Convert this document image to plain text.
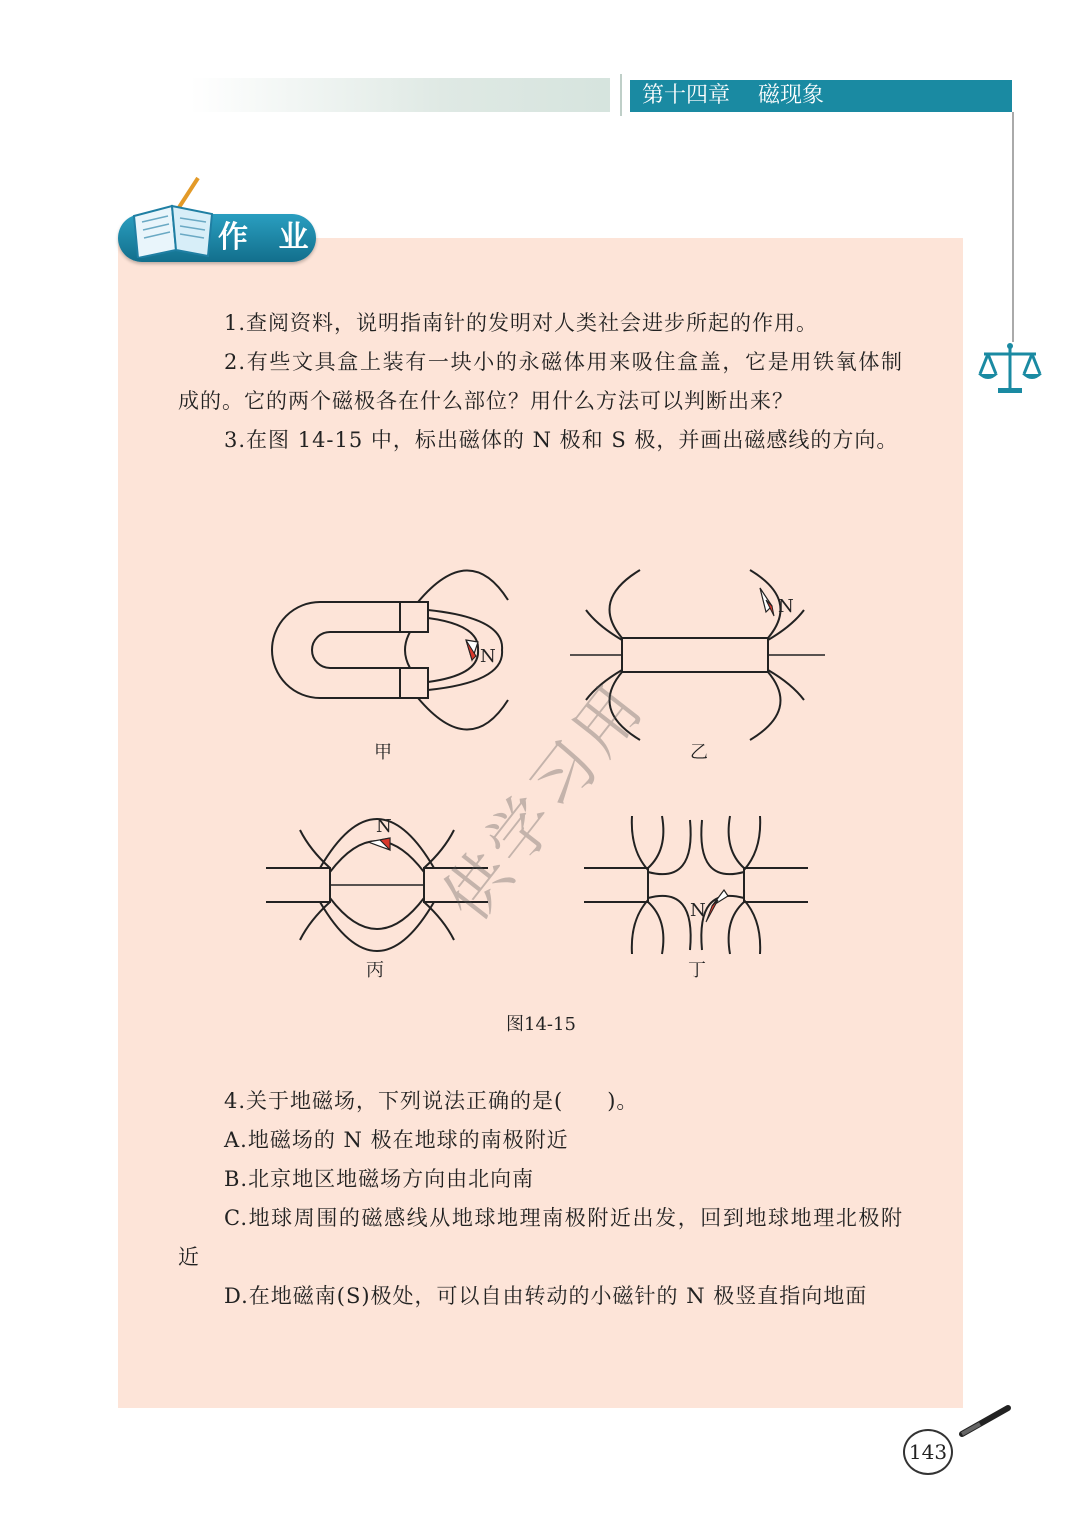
第十四章 磁现象
作 业

1.查阅资料，说明指南针的发明对人类社会进步所起的作用。

2.有些文具盒上装有一块小的永磁体用来吸住盒盖，它是用铁氧体制成的。它的两个磁极各在什么部位？用什么方法可以判断出来？

3.在图 14-15 中，标出磁体的 N 极和 S 极，并画出磁感线的方向。

N
甲
N
乙
N
丙
N
丁
图14-15
供学习用

4.关于地磁场，下列说法正确的是(　　)。

A.地磁场的 N 极在地球的南极附近

B.北京地区地磁场方向由北向南

C.地球周围的磁感线从地球地理南极附近出发，回到地球地理北极附近

D.在地磁南(S)极处，可以自由转动的小磁针的 N 极竖直指向地面

143
